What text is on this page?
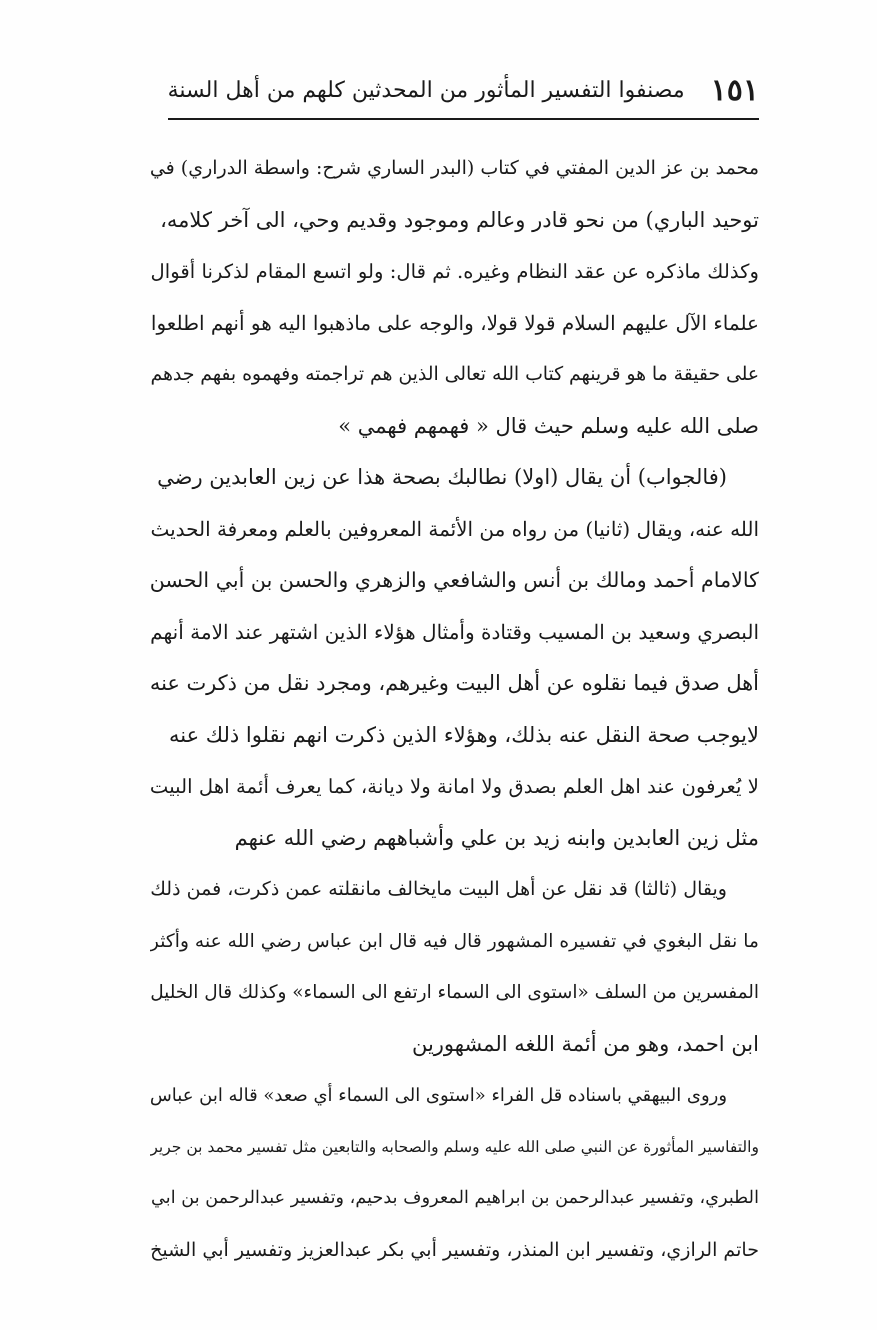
١٥١
مصنفوا التفسير المأثور من المحدثين كلهم من أهل السنة
محمد بن عز الدين المفتي في كتاب (البدر الساري شرح: واسطة الدراري) في
توحيد الباري) من نحو قادر وعالم وموجود وقديم وحي، الى آخر كلامه،
وكذلك ماذكره عن عقد النظام وغيره. ثم قال: ولو اتسع المقام لذكرنا أقوال
علماء الآل عليهم السلام قولا قولا، والوجه على ماذهبوا اليه هو أنهم اطلعوا
على حقيقة ما هو قرينهم كتاب الله تعالى الذين هم تراجمته وفهموه بفهم جدهم
صلى الله عليه وسلم حيث قال « فهمهم فهمي »
(فالجواب) أن يقال (اولا) نطالبك بصحة هذا عن زين العابدين رضي
الله عنه، ويقال (ثانيا) من رواه من الأئمة المعروفين بالعلم ومعرفة الحديث
كالامام أحمد ومالك بن أنس والشافعي والزهري والحسن بن أبي الحسن
البصري وسعيد بن المسيب وقتادة وأمثال هؤلاء الذين اشتهر عند الامة أنهم
أهل صدق فيما نقلوه عن أهل البيت وغيرهم، ومجرد نقل من ذكرت عنه
لايوجب صحة النقل عنه بذلك، وهؤلاء الذين ذكرت انهم نقلوا ذلك عنه
لا يُعرفون عند اهل العلم بصدق ولا امانة ولا ديانة، كما يعرف أئمة اهل البيت
مثل زين العابدين وابنه زيد بن علي وأشباههم رضي الله عنهم
ويقال (ثالثا) قد نقل عن أهل البيت مايخالف مانقلته عمن ذكرت، فمن ذلك
ما نقل البغوي في تفسيره المشهور قال فيه قال ابن عباس رضي الله عنه وأكثر
المفسرين من السلف «استوى الى السماء ارتفع الى السماء» وكذلك قال الخليل
ابن احمد، وهو من أئمة اللغه المشهورين
وروى البيهقي باسناده قل الفراء «استوى الى السماء أي صعد» قاله ابن عباس
والتفاسير المأثورة عن النبي صلى الله عليه وسلم والصحابه والتابعين مثل تفسير محمد بن جرير
الطبري، وتفسير عبدالرحمن بن ابراهيم المعروف بدحيم، وتفسير عبدالرحمن بن ابي
حاتم الرازي، وتفسير ابن المنذر، وتفسير أبي بكر عبدالعزيز وتفسير أبي الشيخ
